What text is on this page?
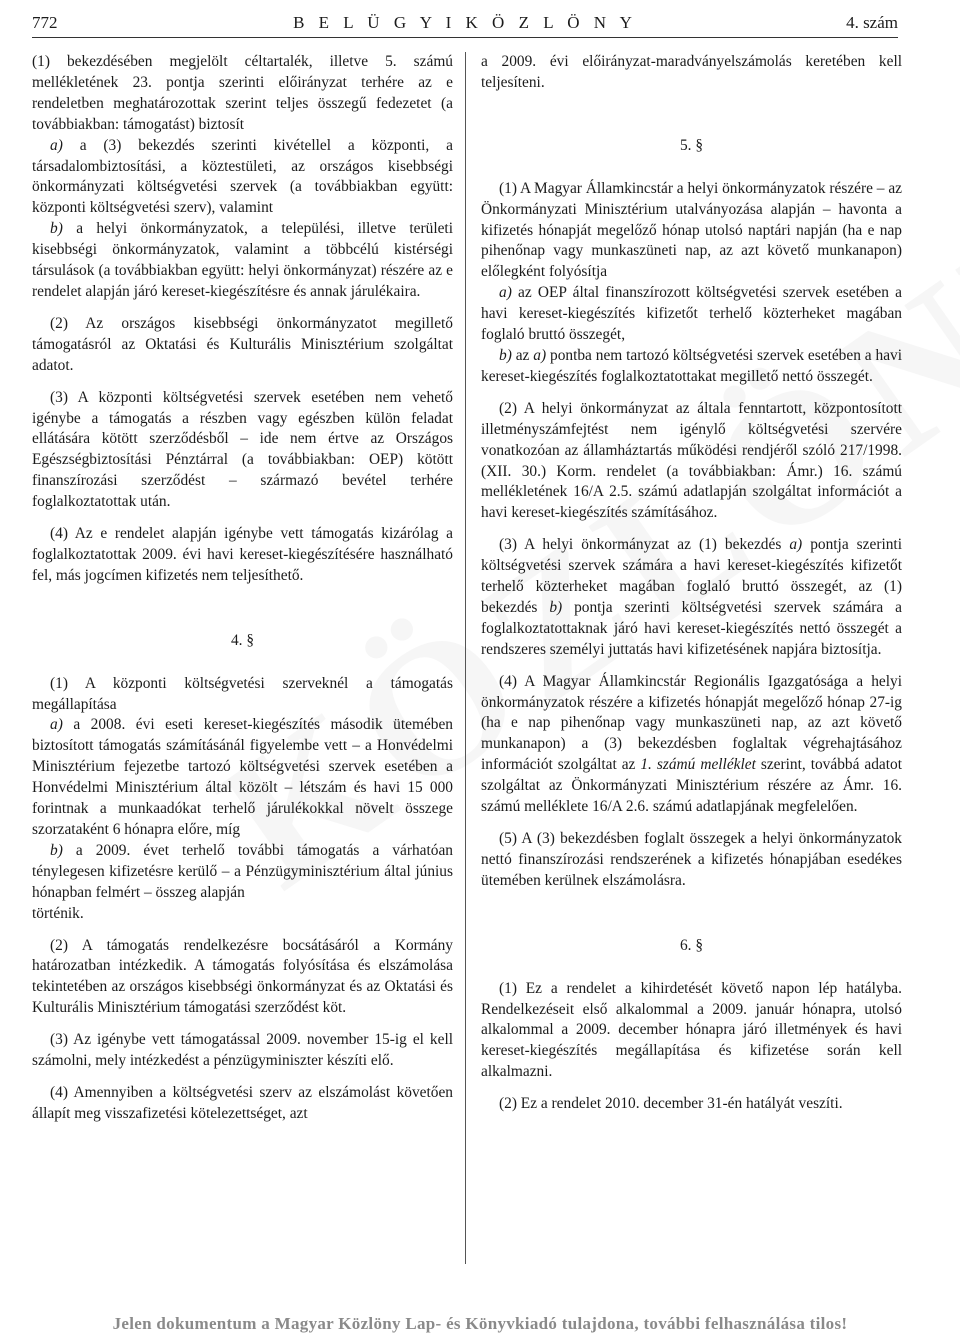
772	B E L Ü G Y I K Ö Z L Ö N Y	4. szám

(1) bekezdésében megjelölt céltartalék, illetve 5. számú mellékletének 23. pontja szerinti előirányzat terhére az e rendeletben meghatározottak szerint teljes összegű fedezetet (a továbbiakban: támogatást) biztosít

a) a (3) bekezdés szerinti kivétellel a központi, a társadalombiztosítási, a köztestületi, az országos kisebbségi önkormányzati költségvetési szervek (a továbbiakban együtt: központi költségvetési szerv), valamint

b) a helyi önkormányzatok, a települési, illetve területi kisebbségi önkormányzatok, valamint a többcélú kistérségi társulások (a továbbiakban együtt: helyi önkormányzat) részére az e rendelet alapján járó kereset-kiegészítésre és annak járulékaira.

(2) Az országos kisebbségi önkormányzatot megillető támogatásról az Oktatási és Kulturális Minisztérium szolgáltat adatot.

(3) A központi költségvetési szervek esetében nem vehető igénybe a támogatás a részben vagy egészben külön feladat ellátására kötött szerződésből – ide nem értve az Országos Egészségbiztosítási Pénztárral (a továbbiakban: OEP) kötött finanszírozási szerződést – származó bevétel terhére foglalkoztatottak után.

(4) Az e rendelet alapján igénybe vett támogatás kizárólag a foglalkoztatottak 2009. évi havi kereset-kiegészítésére használható fel, más jogcímen kifizetés nem teljesíthető.

4. §

(1) A központi költségvetési szerveknél a támogatás megállapítása

a) a 2008. évi eseti kereset-kiegészítés második ütemében biztosított támogatás számításánál figyelembe vett – a Honvédelmi Minisztérium fejezetbe tartozó költségvetési szervek esetében a Honvédelmi Minisztérium által közölt – létszám és havi 15 000 forintnak a munkaadókat terhelő járulékokkal növelt összege szorzataként 6 hónapra előre, míg

b) a 2009. évet terhelő további támogatás a várhatóan ténylegesen kifizetésre kerülő – a Pénzügyminisztérium által június hónapban felmért – összeg alapján

történik.

(2) A támogatás rendelkezésre bocsátásáról a Kormány határozatban intézkedik. A támogatás folyósítása és elszámolása tekintetében az országos kisebbségi önkormányzat és az Oktatási és Kulturális Minisztérium támogatási szerződést köt.

(3) Az igénybe vett támogatással 2009. november 15-ig el kell számolni, mely intézkedést a pénzügyminiszter készíti elő.

(4) Amennyiben a költségvetési szerv az elszámolást követően állapít meg visszafizetési kötelezettséget, azt

a 2009. évi előirányzat-maradványelszámolás keretében kell teljesíteni.

5. §

(1) A Magyar Államkincstár a helyi önkormányzatok részére – az Önkormányzati Minisztérium utalványozása alapján – havonta a kifizetés hónapját megelőző hónap utolsó naptári napján (ha e nap pihenőnap vagy munkaszüneti nap, az azt követő munkanapon) előlegként folyósítja

a) az OEP által finanszírozott költségvetési szervek esetében a havi kereset-kiegészítés kifizetőt terhelő közterheket magában foglaló bruttó összegét,

b) az a) pontba nem tartozó költségvetési szervek esetében a havi kereset-kiegészítés foglalkoztatottakat megillető nettó összegét.

(2) A helyi önkormányzat az általa fenntartott, központosított illetményszámfejtést nem igénylő költségvetési szervére vonatkozóan az államháztartás működési rendjéről szóló 217/1998. (XII. 30.) Korm. rendelet (a továbbiakban: Ámr.) 16. számú mellékletének 16/A 2.5. számú adatlapján szolgáltat információt a havi kereset-kiegészítés számításához.

(3) A helyi önkormányzat az (1) bekezdés a) pontja szerinti költségvetési szervek számára a havi kereset-kiegészítés kifizetőt terhelő közterheket magában foglaló bruttó összegét, az (1) bekezdés b) pontja szerinti költségvetési szervek számára a foglalkoztatottaknak járó havi kereset-kiegészítés nettó összegét a rendszeres személyi juttatás havi kifizetésének napjára biztosítja.

(4) A Magyar Államkincstár Regionális Igazgatósága a helyi önkormányzatok részére a kifizetés hónapját megelőző hónap 27-ig (ha e nap pihenőnap vagy munkaszüneti nap, az azt követő munkanapon) a (3) bekezdésben foglaltak végrehajtásához információt szolgáltat az 1. számú melléklet szerint, továbbá adatot szolgáltat az Önkormányzati Minisztérium részére az Ámr. 16. számú melléklete 16/A 2.6. számú adatlapjának megfelelően.

(5) A (3) bekezdésben foglalt összegek a helyi önkormányzatok nettó finanszírozási rendszerének a kifizetés hónapjában esedékes ütemében kerülnek elszámolásra.

6. §

(1) Ez a rendelet a kihirdetését követő napon lép hatályba. Rendelkezéseit első alkalommal a 2009. január hónapra, utolsó alkalommal a 2009. december hónapra járó illetmények és havi kereset-kiegészítés megállapítása és kifizetése során kell alkalmazni.

(2) Ez a rendelet 2010. december 31-én hatályát veszíti.

Jelen dokumentum a Magyar Közlöny Lap- és Könyvkiadó tulajdona, további felhasználása tilos!
